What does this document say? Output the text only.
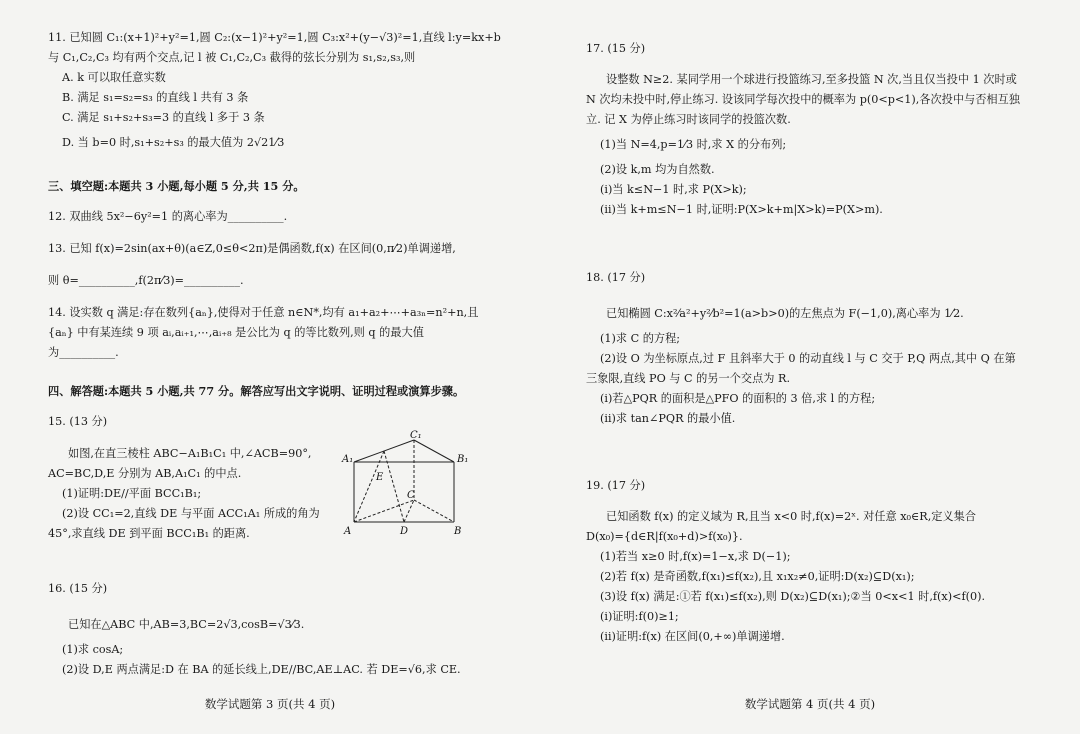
11. 已知圆 C₁:(x+1)²+y²=1,圆 C₂:(x−1)²+y²=1,圆 C₃:x²+(y−√3)²=1,直线 l:y=kx+b

与 C₁,C₂,C₃ 均有两个交点,记 l 被 C₁,C₂,C₃ 截得的弦长分别为 s₁,s₂,s₃,则

A. k 可以取任意实数

B. 满足 s₁=s₂=s₃ 的直线 l 共有 3 条

C. 满足 s₁+s₂+s₃=3 的直线 l 多于 3 条

D. 当 b=0 时,s₁+s₂+s₃ 的最大值为 2√21⁄3

三、填空题:本题共 3 小题,每小题 5 分,共 15 分。

12. 双曲线 5x²−6y²=1 的离心率为__________.

13. 已知 f(x)=2sin(ax+θ)(a∈Z,0≤θ<2π)是偶函数,f(x) 在区间(0,π⁄2)单调递增,

则 θ=__________,f(2π⁄3)=__________.

14. 设实数 q 满足:存在数列{aₙ},使得对于任意 n∈N*,均有 a₁+a₂+⋯+a₃ₙ=n²+n,且

{aₙ} 中有某连续 9 项 aᵢ,aᵢ₊₁,⋯,aᵢ₊₈ 是公比为 q 的等比数列,则 q 的最大值

为__________.

四、解答题:本题共 5 小题,共 77 分。解答应写出文字说明、证明过程或演算步骤。

15. (13 分)

如图,在直三棱柱 ABC−A₁B₁C₁ 中,∠ACB=90°,

AC=BC,D,E 分别为 AB,A₁C₁ 的中点.

(1)证明:DE//平面 BCC₁B₁;

(2)设 CC₁=2,直线 DE 与平面 ACC₁A₁ 所成的角为

45°,求直线 DE 到平面 BCC₁B₁ 的距离.

C₁
A₁	B₁
E
C
A	D	B

16. (15 分)

已知在△ABC 中,AB=3,BC=2√3,cosB=√3⁄3.

(1)求 cosA;

(2)设 D,E 两点满足:D 在 BA 的延长线上,DE//BC,AE⊥AC. 若 DE=√6,求 CE.

数学试题第 3 页(共 4 页)

17. (15 分)

设整数 N≥2. 某同学用一个球进行投篮练习,至多投篮 N 次,当且仅当投中 1 次时或

N 次均未投中时,停止练习. 设该同学每次投中的概率为 p(0<p<1),各次投中与否相互独

立. 记 X 为停止练习时该同学的投篮次数.

(1)当 N=4,p=1⁄3 时,求 X 的分布列;

(2)设 k,m 均为自然数.

(ⅰ)当 k≤N−1 时,求 P(X>k);

(ⅱ)当 k+m≤N−1 时,证明:P(X>k+m|X>k)=P(X>m).

18. (17 分)

已知椭圆 C:x²⁄a²+y²⁄b²=1(a>b>0)的左焦点为 F(−1,0),离心率为 1⁄2.

(1)求 C 的方程;

(2)设 O 为坐标原点,过 F 且斜率大于 0 的动直线 l 与 C 交于 P,Q 两点,其中 Q 在第

三象限,直线 PO 与 C 的另一个交点为 R.

(ⅰ)若△PQR 的面积是△PFO 的面积的 3 倍,求 l 的方程;

(ⅱ)求 tan∠PQR 的最小值.

19. (17 分)

已知函数 f(x) 的定义域为 R,且当 x<0 时,f(x)=2ˣ. 对任意 x₀∈R,定义集合

D(x₀)={d∈R|f(x₀+d)>f(x₀)}.

(1)若当 x≥0 时,f(x)=1−x,求 D(−1);

(2)若 f(x) 是奇函数,f(x₁)≤f(x₂),且 x₁x₂≠0,证明:D(x₂)⊆D(x₁);

(3)设 f(x) 满足:①若 f(x₁)≤f(x₂),则 D(x₂)⊆D(x₁);②当 0<x<1 时,f(x)<f(0).

(ⅰ)证明:f(0)≥1;

(ⅱ)证明:f(x) 在区间(0,+∞)单调递增.

数学试题第 4 页(共 4 页)
